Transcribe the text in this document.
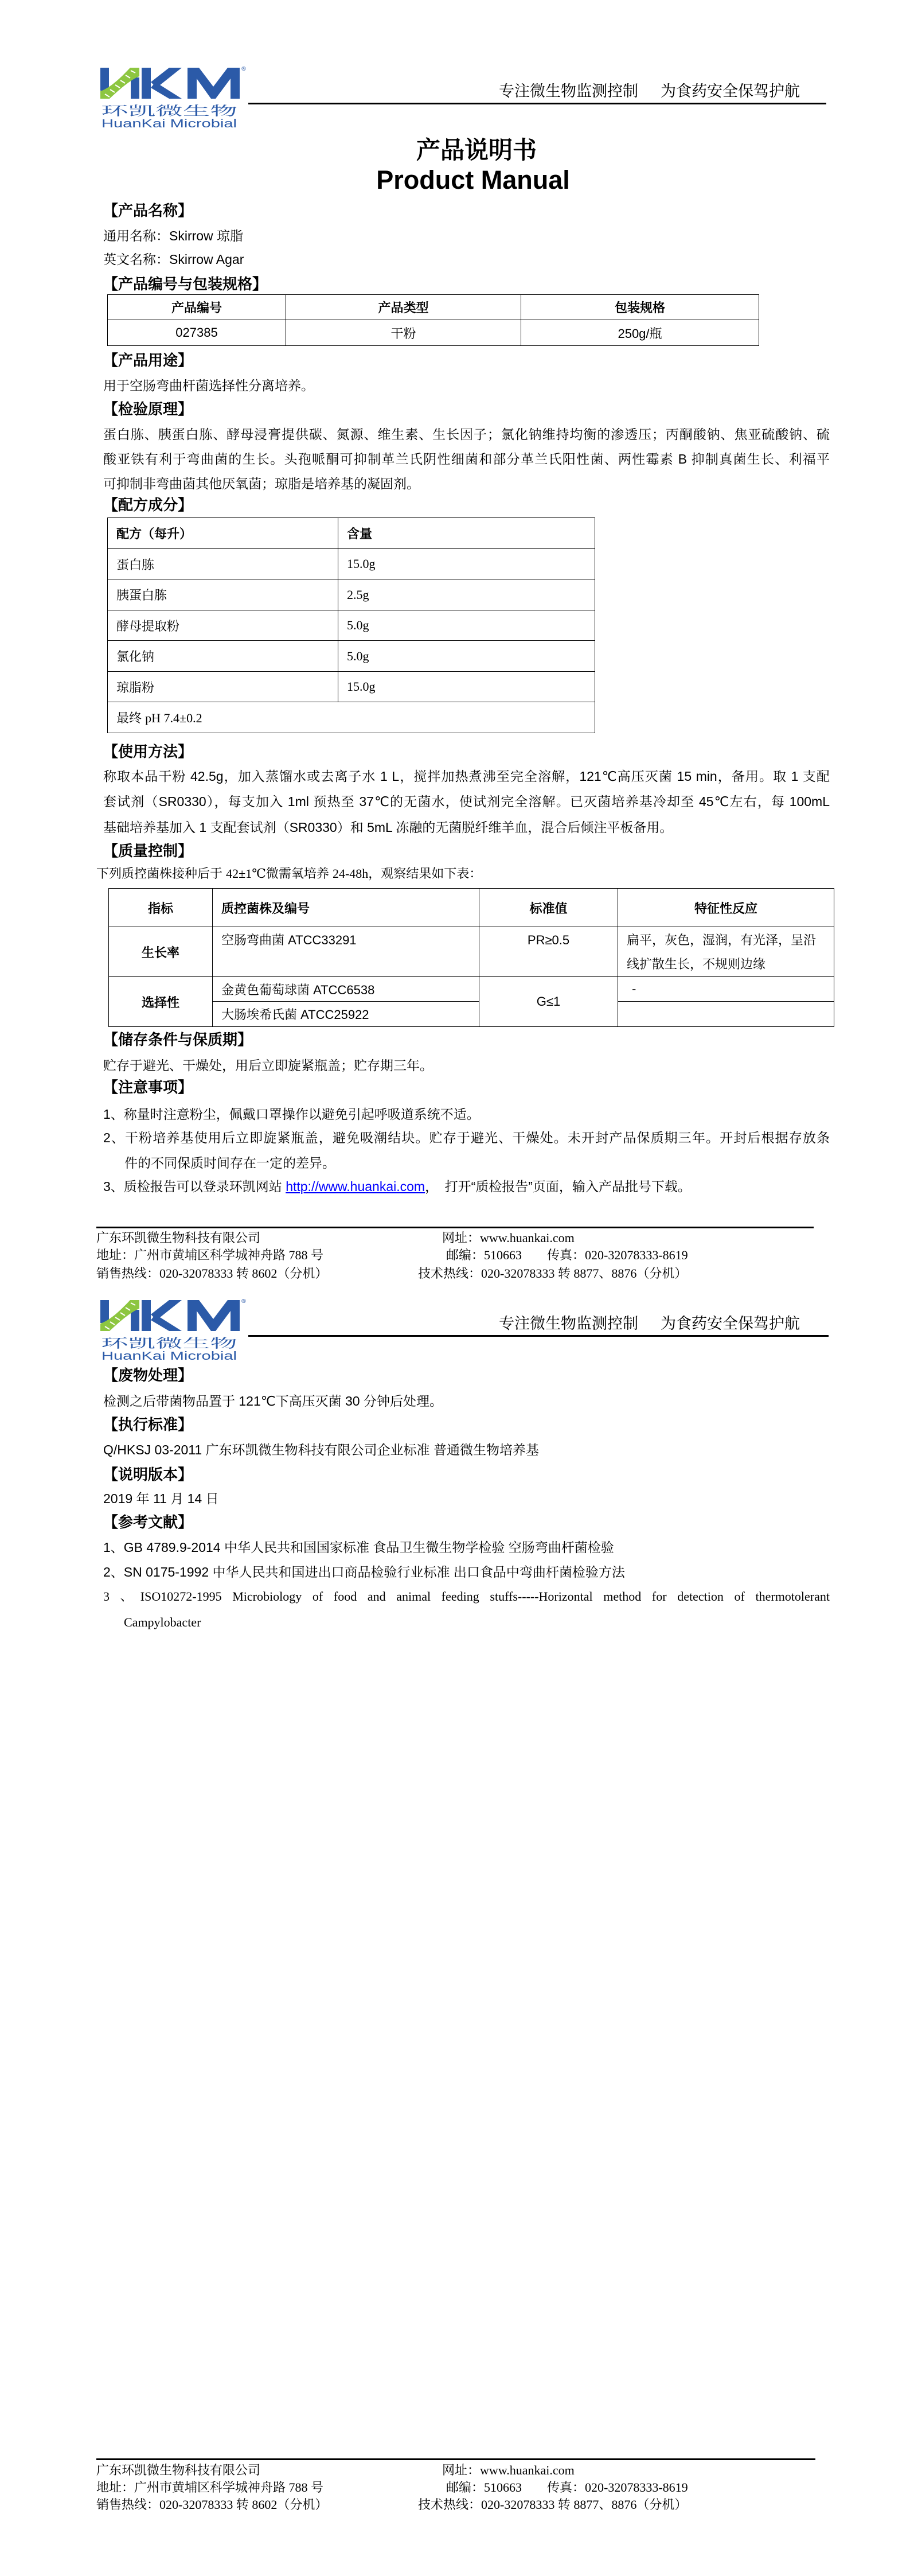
®
环凯微生物
HuanKai Microbial
专注微生物监测控制 为食药安全保驾护航
产品说明书
Product Manual
【产品名称】
通用名称：Skirrow 琼脂
英文名称：Skirrow Agar
【产品编号与包装规格】
产品编号	产品类型	包装规格
027385	干粉	250g/瓶
【产品用途】
用于空肠弯曲杆菌选择性分离培养。
【检验原理】
蛋白胨、胰蛋白胨、酵母浸膏提供碳、氮源、维生素、生长因子；氯化钠维持均衡的渗透压；丙酮酸钠、焦亚硫酸钠、硫
酸亚铁有利于弯曲菌的生长。头孢哌酮可抑制革兰氏阴性细菌和部分革兰氏阳性菌、两性霉素 B 抑制真菌生长、利福平
可抑制非弯曲菌其他厌氧菌；琼脂是培养基的凝固剂。
【配方成分】
配方（每升）	含量
蛋白胨	15.0g
胰蛋白胨	2.5g
酵母提取粉	5.0g
氯化钠	5.0g
琼脂粉	15.0g
最终 pH 7.4±0.2	
【使用方法】
称取本品干粉 42.5g，加入蒸馏水或去离子水 1 L，搅拌加热煮沸至完全溶解，121℃高压灭菌 15 min，备用。取 1 支配
套试剂（SR0330），每支加入 1ml 预热至 37℃的无菌水，使试剂完全溶解。已灭菌培养基冷却至 45℃左右，每 100mL
基础培养基加入 1 支配套试剂（SR0330）和 5mL 冻融的无菌脱纤维羊血，混合后倾注平板备用。
【质量控制】
下列质控菌株接种后于 42±1℃微需氧培养 24-48h，观察结果如下表：
指标	质控菌株及编号	标准值	特征性反应
生长率	空肠弯曲菌 ATCC33291	PR≥0.5	扁平，灰色，湿润，有光泽，呈沿
线扩散生长，不规则边缘

选择性	金黄色葡萄球菌 ATCC6538	G≤1	-
	大肠埃希氏菌 ATCC25922		
【储存条件与保质期】
贮存于避光、干燥处，用后立即旋紧瓶盖；贮存期三年。
【注意事项】
1、称量时注意粉尘，佩戴口罩操作以避免引起呼吸道系统不适。
2、干粉培养基使用后立即旋紧瓶盖，避免吸潮结块。贮存于避光、干燥处。未开封产品保质期三年。开封后根据存放条
件的不同保质时间存在一定的差异。
3、质检报告可以登录环凯网站 http://www.huankai.com，　打开“质检报告”页面，输入产品批号下载。
广东环凯微生物科技有限公司
地址：广州市黄埔区科学城神舟路 788 号
销售热线：020-32078333 转 8602（分机）
网址：www.huankai.com
邮编：510663 传真：020-32078333-8619
技术热线：020-32078333 转 8877、8876（分机）
®
环凯微生物
HuanKai Microbial
专注微生物监测控制 为食药安全保驾护航
【废物处理】
检测之后带菌物品置于 121℃下高压灭菌 30 分钟后处理。
【执行标准】
Q/HKSJ 03-2011 广东环凯微生物科技有限公司企业标准 普通微生物培养基
【说明版本】
2019 年 11 月 14 日
【参考文献】
1、GB 4789.9-2014 中华人民共和国国家标准 食品卫生微生物学检验 空肠弯曲杆菌检验
2、SN 0175-1992 中华人民共和国进出口商品检验行业标准 出口食品中弯曲杆菌检验方法
3 、ISO10272-1995 Microbiology of food and animal feeding stuffs-----Horizontal method for detection of thermotolerant
Campylobacter
广东环凯微生物科技有限公司
地址：广州市黄埔区科学城神舟路 788 号
销售热线：020-32078333 转 8602（分机）
网址：www.huankai.com
邮编：510663 传真：020-32078333-8619
技术热线：020-32078333 转 8877、8876（分机）
